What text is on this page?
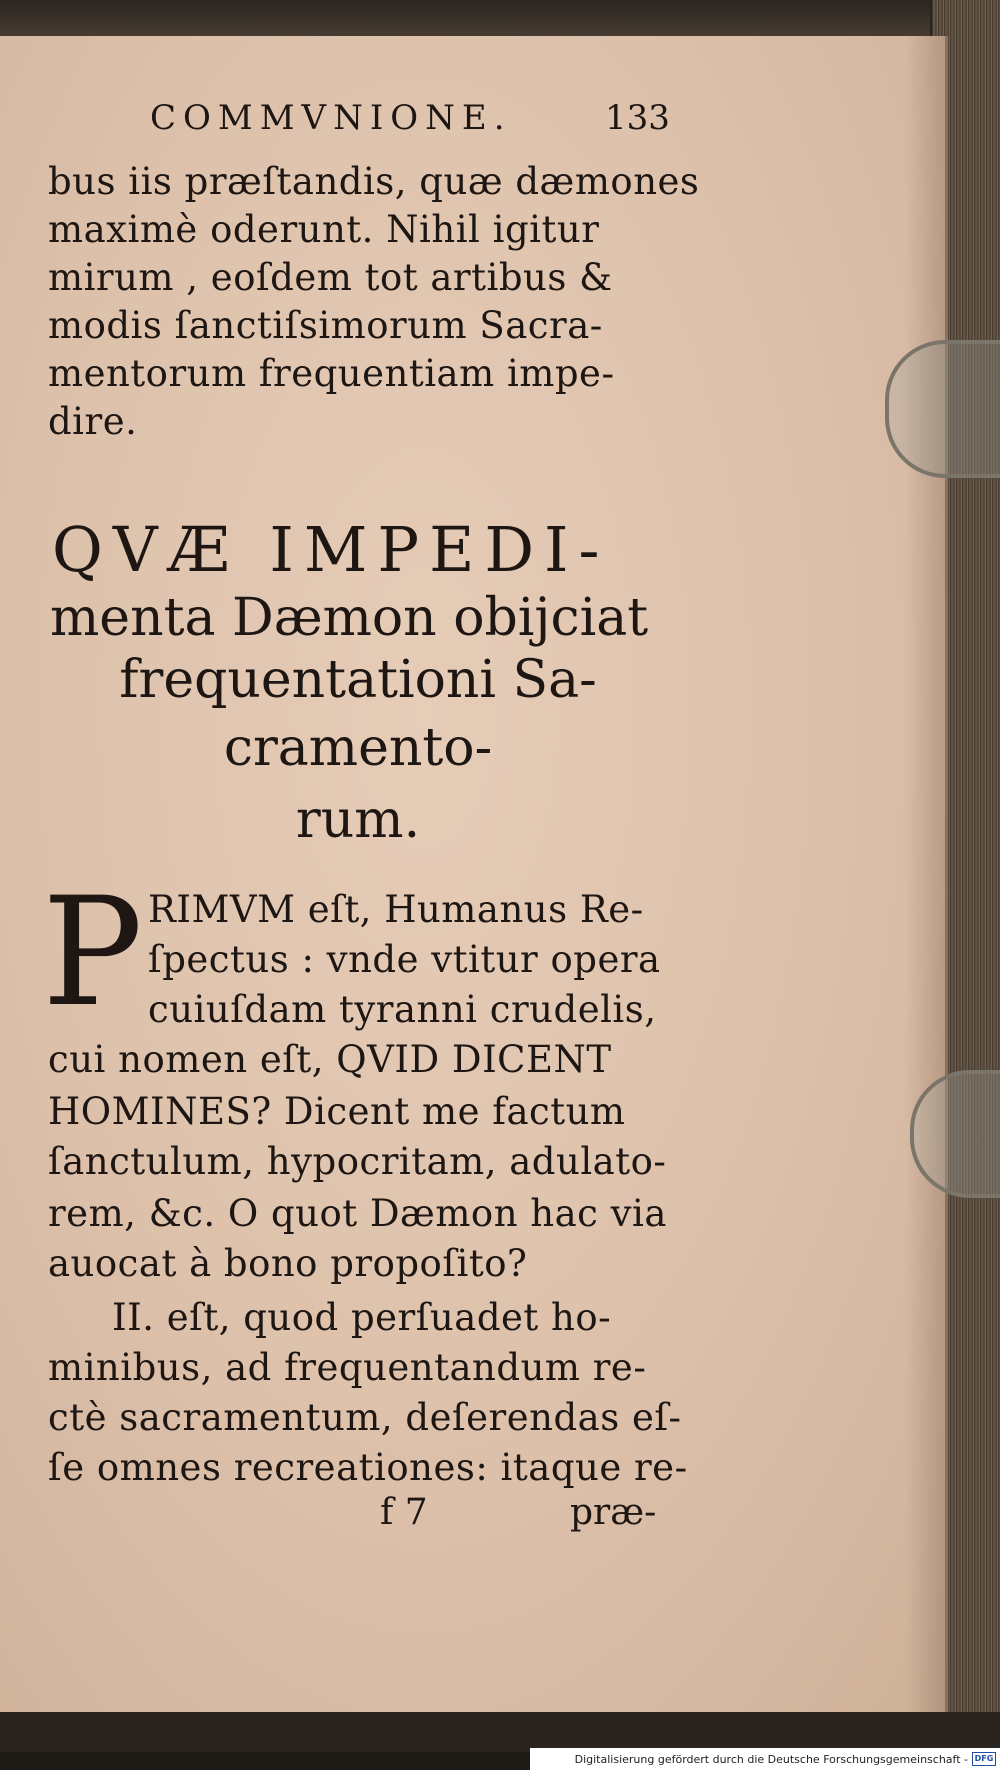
COMMVNIONE.	133
bus iis præſtandis, quæ dæmones
maximè oderunt. Nihil igitur
mirum , eoſdem tot artibus &
modis ſanctiſsimorum Sacra-
mentorum frequentiam impe-
dire.
QVÆ IMPEDI-
menta Dæmon obijciat
frequentationi Sa-
cramento-
rum.
P RIMVM eſt, Humanus Re-
ſpectus : vnde vtitur opera
cuiuſdam tyranni crudelis,
cui nomen eſt, QVID DICENT
HOMINES? Dicent me factum
ſanctulum, hypocritam, adulato-
rem, &c. O quot Dæmon hac via
auocat à bono propoſito?
II. eſt, quod perſuadet ho-
minibus, ad frequentandum re-
ctè sacramentum, deſerendas eſ-
ſe omnes recreationes: itaque re-
f 7	præ-
Digitalisierung gefördert durch die Deutsche Forschungsgemeinschaft - DFG
